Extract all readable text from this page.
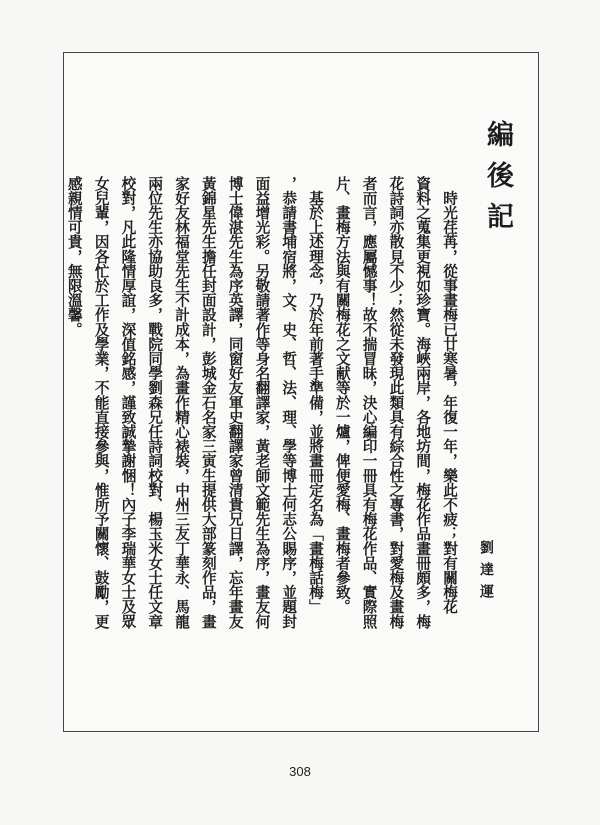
編後記
劉達運
　時光荏苒，從事畫梅已廿寒暑，年復一年，樂此不疲；對有關梅花
資料之蒐集更視如珍寶。海峽兩岸，各地坊間，梅花作品畫冊頗多，梅
花詩詞亦散見不少；然從未發現此類具有綜合性之專書，對愛梅及畫梅
者而言，應屬憾事！故不揣冒昧，決心編印一冊具有梅花作品、實際照
片、畫梅方法與有關梅花之文献等於一爐，俾便愛梅、畫梅者參致。
　基於上述理念，乃於年前著手準備，並將畫冊定名為「畫梅話梅」
，恭請書埔宿將，文、史、哲、法、理、學等博士何志公賜序，並題封
面益增光彩。另敬請著作等身名翻譯家，黃老師文範先生為序，畫友何
博士偉湛先生為序英譯，同窗好友軍史翻譯家曾清貴兄日譯，忘年畫友
黃錦星先生擔任封面設計，彭城金石名家三寅生提供大部篆刻作品，畫
家好友林福堂先生不計成本，為畫作精心裱裝，中州三友丁華永、馬龍
兩位先生亦協助良多，戰院同學劉森兄任詩詞校對、楊玉米女士任文章
校對，凡此隆情厚誼，深值銘感，謹致誠摯謝悃！內子李瑞華女士及眾
女兒輩，因各忙於工作及學業，不能直接參與，惟所予關懷、鼓勵，更
感親情可貴，無限溫馨。
308
